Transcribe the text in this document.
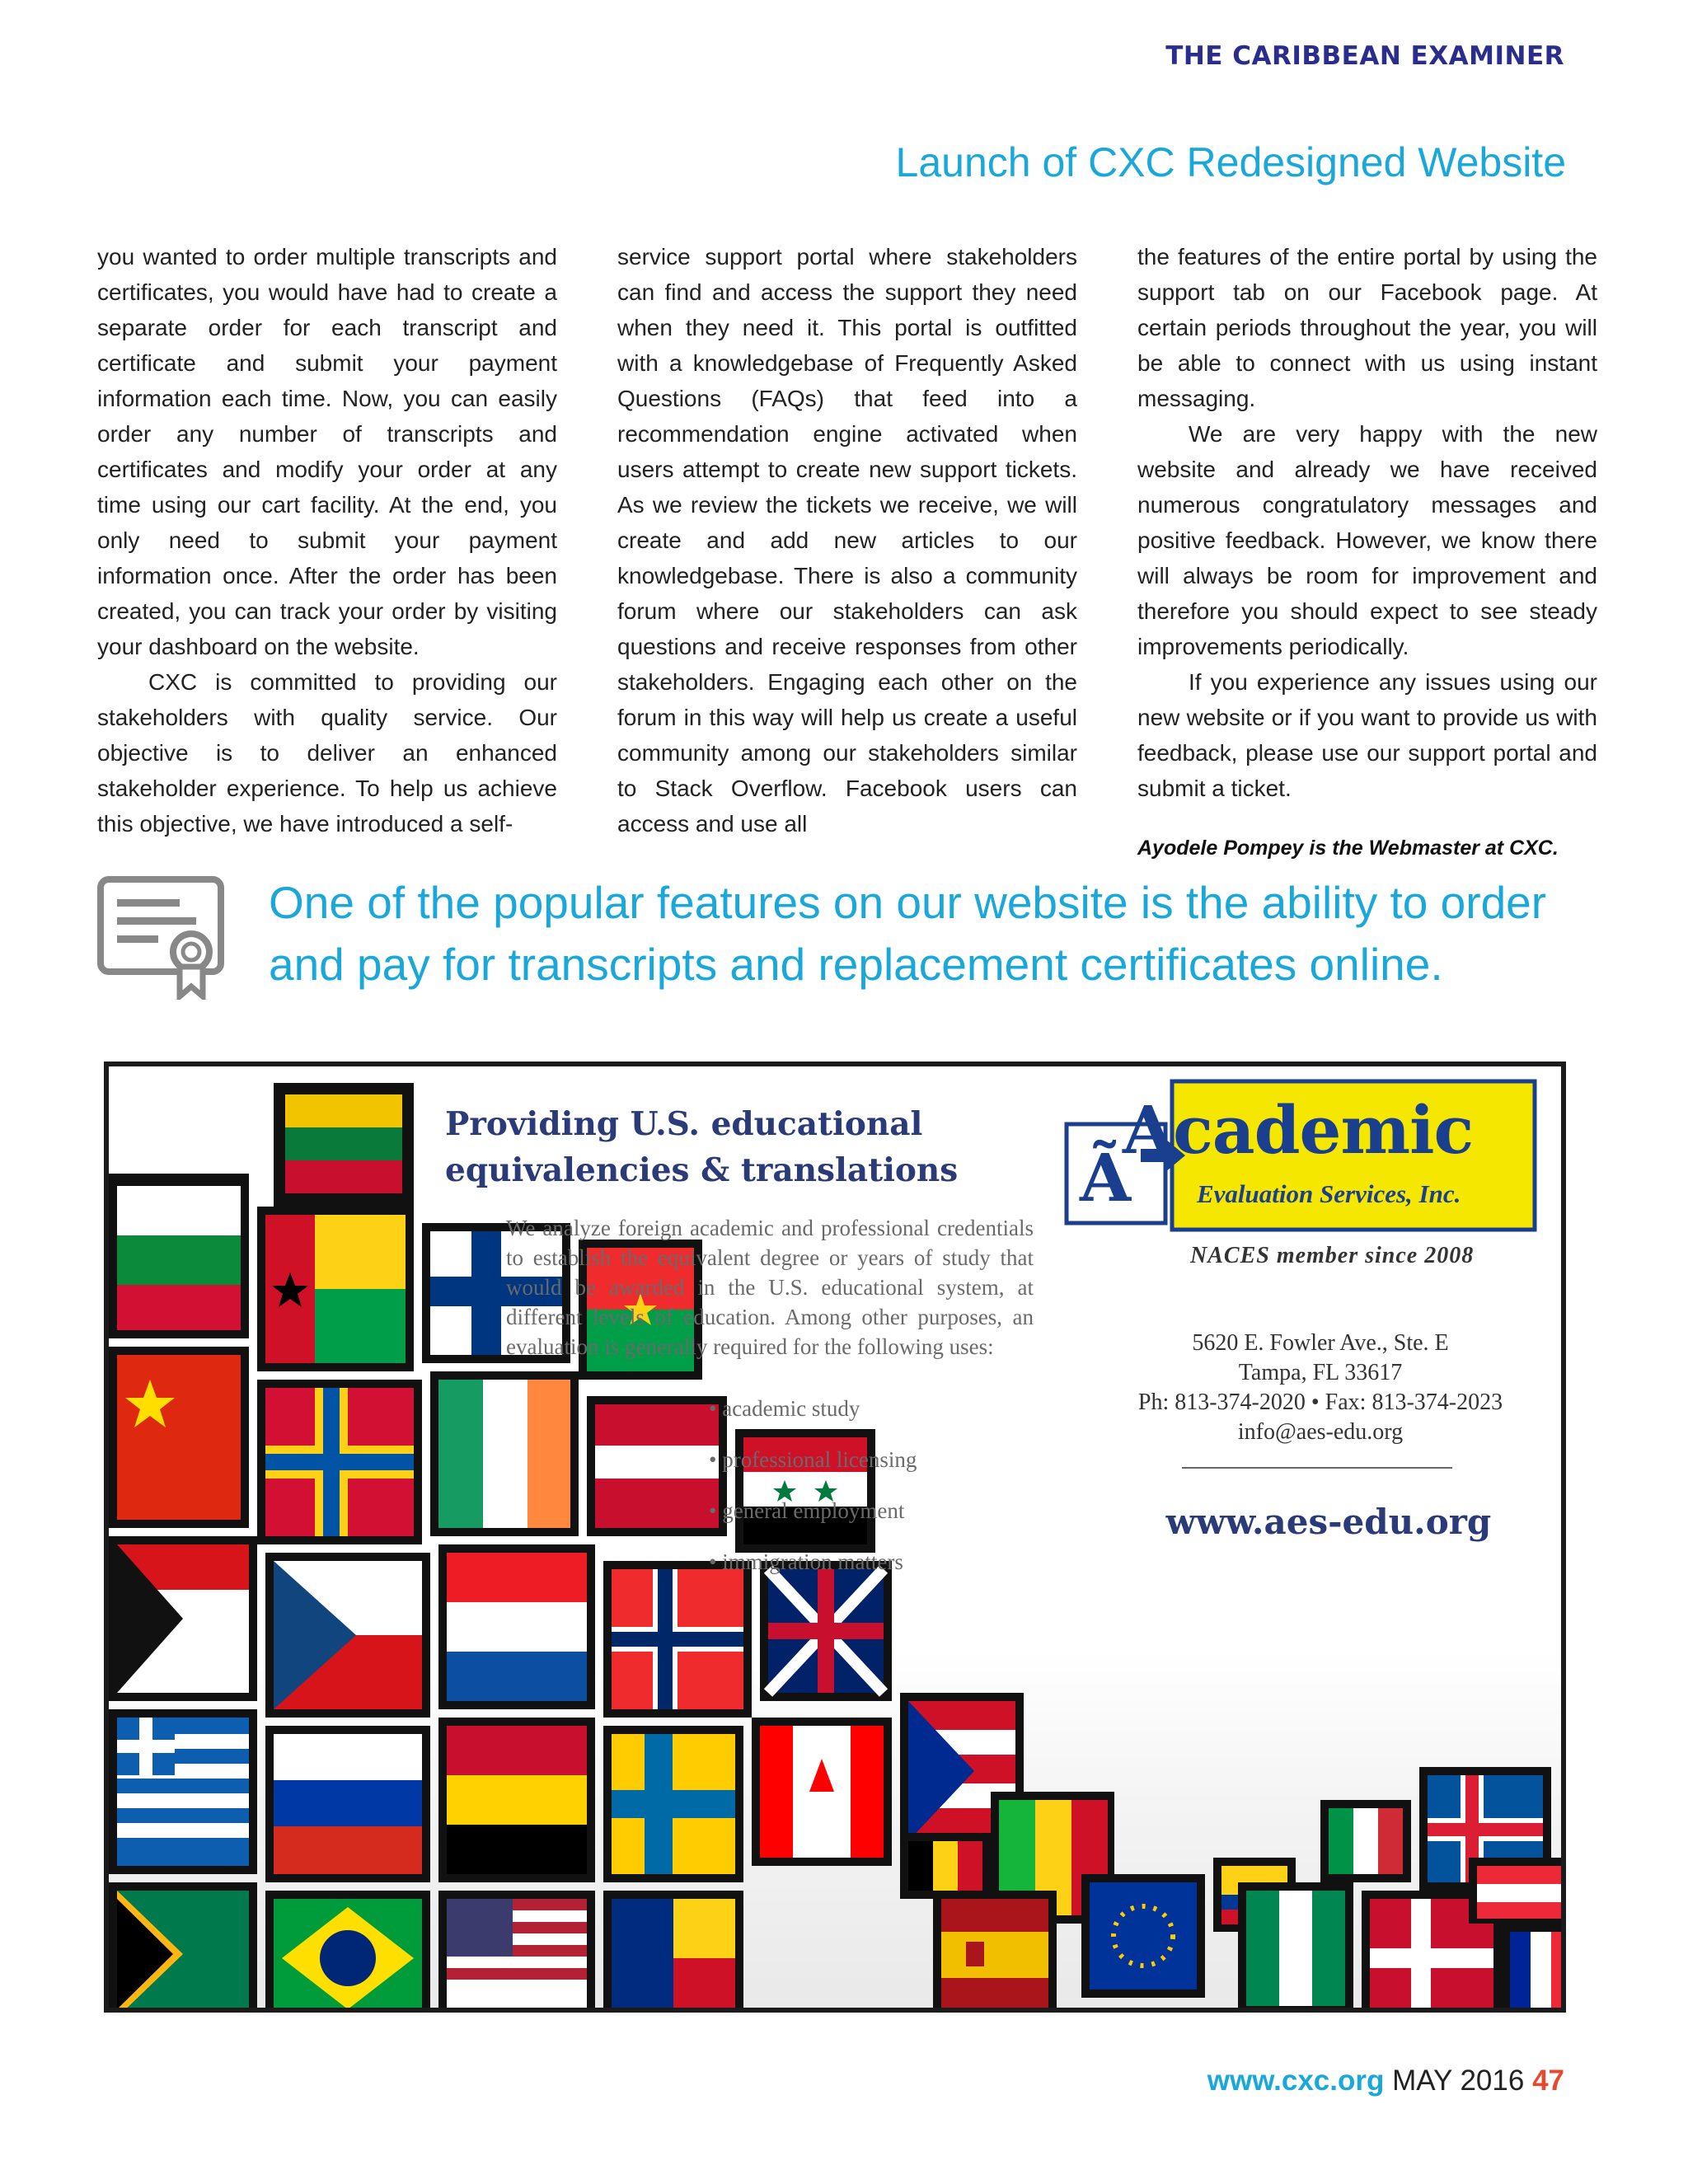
THE CARIBBEAN EXAMINER
Launch of CXC Redesigned Website

you wanted to order multiple transcripts and certificates, you would have had to create a separate order for each transcript and certificate and submit your payment information each time. Now, you can easily order any number of transcripts and certificates and modify your order at any time using our cart facility. At the end, you only need to submit your payment information once. After the order has been created, you can track your order by visiting your dashboard on the website.

CXC is committed to providing our stakeholders with quality service. Our objective is to deliver an enhanced stakeholder experience. To help us achieve this objective, we have introduced a self-

service support portal where stakeholders can find and access the support they need when they need it. This portal is outfitted with a knowledgebase of Frequently Asked Questions (FAQs) that feed into a recommendation engine activated when users attempt to create new support tickets. As we review the tickets we receive, we will create and add new articles to our knowledgebase. There is also a community forum where our stakeholders can ask questions and receive responses from other stakeholders. Engaging each other on the forum in this way will help us create a useful community among our stakeholders similar to Stack Overflow. Facebook users can access and use all

the features of the entire portal by using the support tab on our Facebook page. At certain periods throughout the year, you will be able to connect with us using instant messaging.

We are very happy with the new website and already we have received numerous congratulatory messages and positive feedback. However, we know there will always be room for improvement and therefore you should expect to see steady improvements periodically.

If you experience any issues using our new website or if you want to provide us with feedback, please use our support portal and submit a ticket.

Ayodele Pompey is the Webmaster at CXC.
One of the popular features on our website is the ability to order and pay for transcripts and replacement certificates online.
Providing U.S. educational
equivalencies & translations
We analyze foreign academic and professional credentials to establish the equivalent degree or years of study that would be awarded in the U.S. educational system, at different levels of education. Among other purposes, an evaluation is generally required for the following uses:
• academic study
• professional licensing
• general employment
• immigration matters
Ã
Academic
Evaluation Services, Inc.
NACES member since 2008
5620 E. Fowler Ave., Ste. E
Tampa, FL 33617
Ph: 813-374-2020 • Fax: 813-374-2023
info@aes-edu.org
www.aes-edu.org
www.cxc.org MAY 2016 47
